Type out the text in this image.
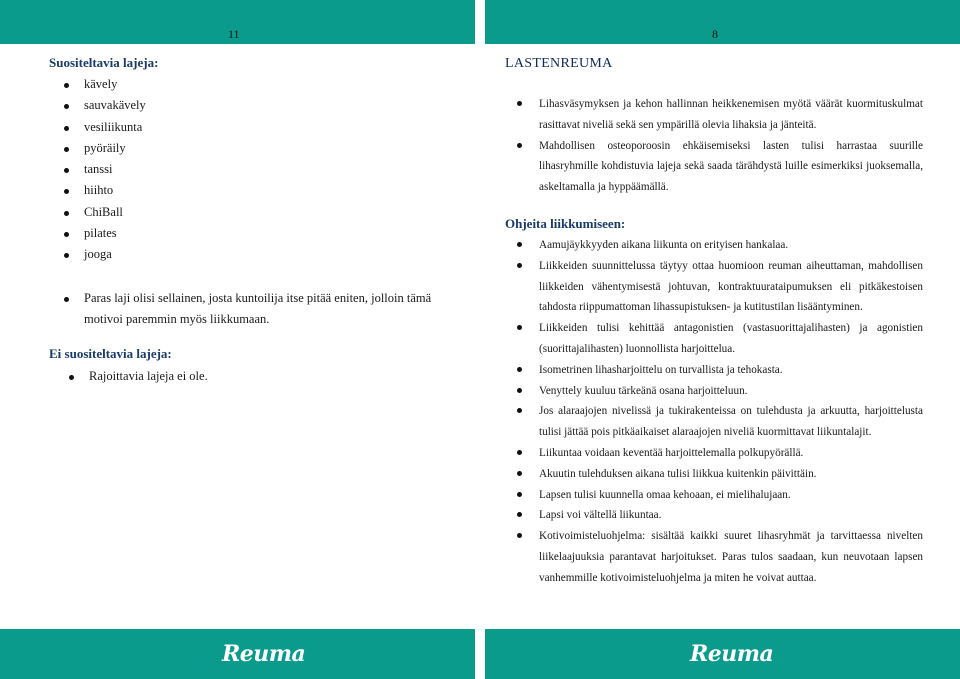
11	8
Suositeltavia lajeja:
kävely
sauvakävely
vesiliikunta
pyöräily
tanssi
hiihto
ChiBall
pilates
jooga
Paras laji olisi sellainen, josta kuntoilija itse pitää eniten, jolloin tämä motivoi paremmin myös liikkumaan.
Ei suositeltavia lajeja:
Rajoittavia lajeja ei ole.
LASTENREUMA
Lihasväsymyksen ja kehon hallinnan heikkenemisen myötä väärät kuormituskulmat rasittavat niveliä sekä sen ympärillä olevia lihaksia ja jänteitä.
Mahdollisen osteoporoosin ehkäisemiseksi lasten tulisi harrastaa suurille lihasryhmille kohdistuvia lajeja sekä saada tärähdystä luille esimerkiksi juoksemalla, askeltamalla ja hyppäämällä.
Ohjeita liikkumiseen:
Aamujäykkyyden aikana liikunta on erityisen hankalaa.
Liikkeiden suunnittelussa täytyy ottaa huomioon reuman aiheuttaman, mahdollisen liikkeiden vähentymisestä johtuvan, kontraktuurataipumuksen eli pitkäkestoisen tahdosta riippumattoman lihassupistuksen- ja kutitustilan lisääntyminen.
Liikkeiden tulisi kehittää antagonistien (vastasuorittajalihasten) ja agonistien (suorittajalihasten) luonnollista harjoittelua.
Isometrinen lihasharjoittelu on turvallista ja tehokasta.
Venyttely kuuluu tärkeänä osana harjoitteluun.
Jos alaraajojen nivelissä ja tukirakenteissa on tulehdusta ja arkuutta, harjoittelusta tulisi jättää pois pitkäaikaiset alaraajojen niveliä kuormittavat liikuntalajit.
Liikuntaa voidaan keventää harjoittelemalla polkupyörällä.
Akuutin tulehduksen aikana tulisi liikkua kuitenkin päivittäin.
Lapsen tulisi kuunnella omaa kehoaan, ei mielihalujaan.
Lapsi voi vältellä liikuntaa.
Kotivoimisteluohjelma: sisältää kaikki suuret lihasryhmät ja tarvittaessa nivelten liikelaajuuksia parantavat harjoitukset. Paras tulos saadaan, kun neuvotaan lapsen vanhemmille kotivoimisteluohjelma ja miten he voivat auttaa.
Reuma	Reuma
